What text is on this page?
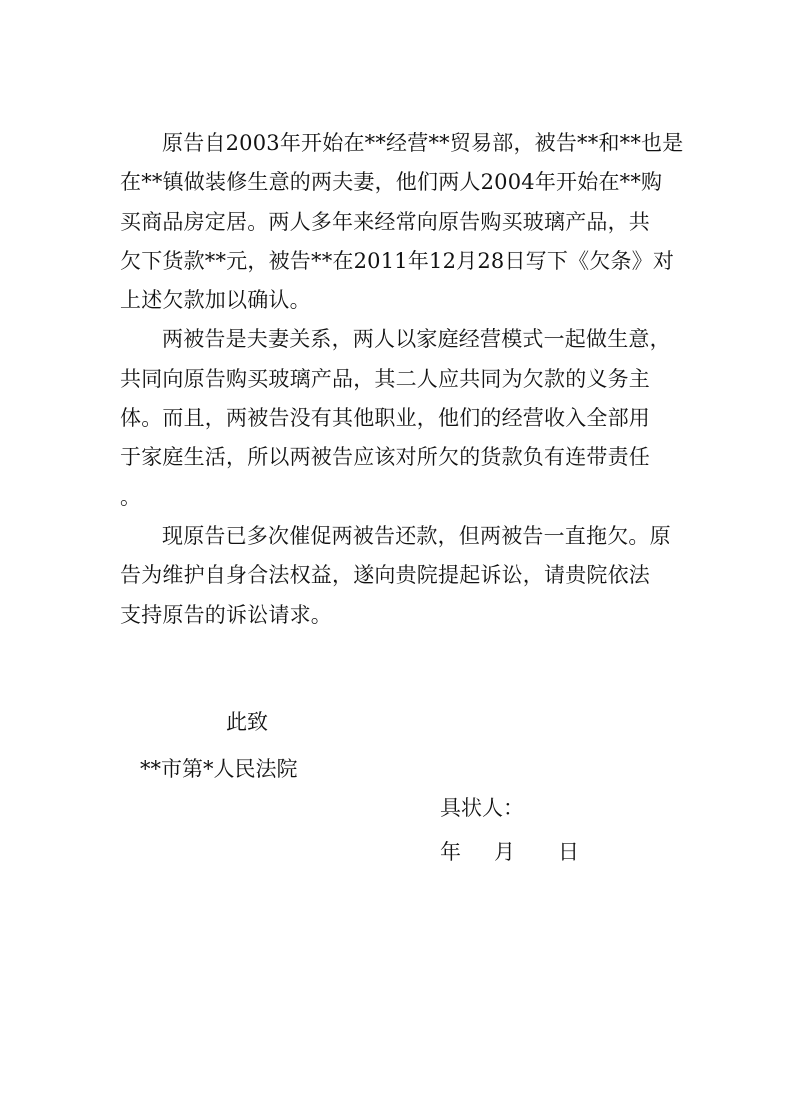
原告自2003年开始在**经营**贸易部，被告**和**也是
在**镇做装修生意的两夫妻，他们两人2004年开始在**购
买商品房定居。两人多年来经常向原告购买玻璃产品，共
欠下货款**元，被告**在2011年12月28日写下《欠条》对
上述欠款加以确认。
两被告是夫妻关系，两人以家庭经营模式一起做生意，
共同向原告购买玻璃产品，其二人应共同为欠款的义务主
体。而且，两被告没有其他职业，他们的经营收入全部用
于家庭生活，所以两被告应该对所欠的货款负有连带责任
。
现原告已多次催促两被告还款，但两被告一直拖欠。原
告为维护自身合法权益，遂向贵院提起诉讼，请贵院依法
支持原告的诉讼请求。
此致
**市第*人民法院
具状人：
年 月 日
